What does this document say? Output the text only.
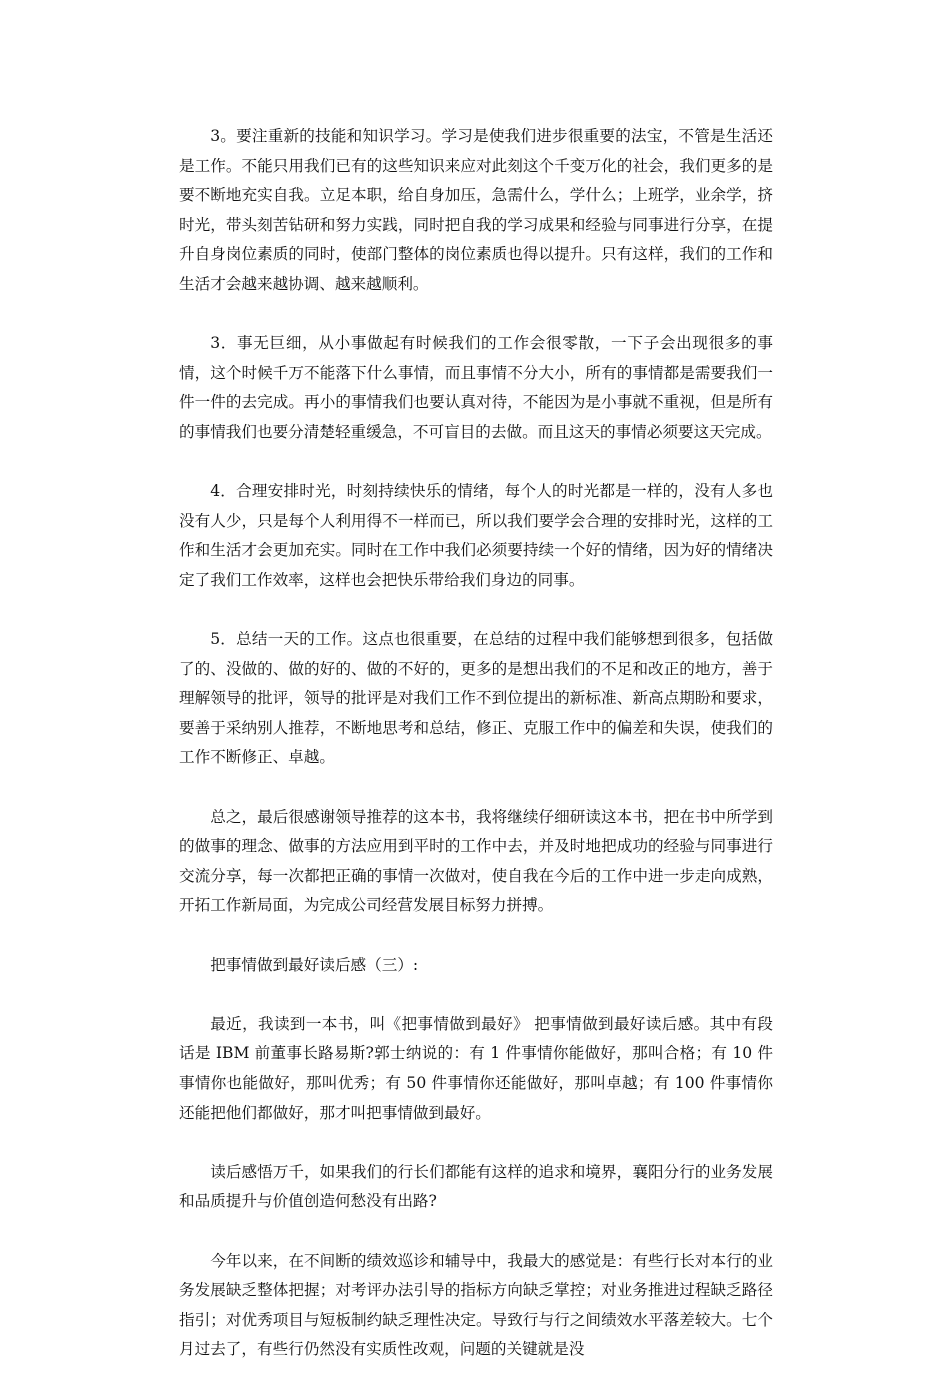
3。要注重新的技能和知识学习。学习是使我们进步很重要的法宝，不管是生活还是工作。不能只用我们已有的这些知识来应对此刻这个千变万化的社会，我们更多的是要不断地充实自我。立足本职，给自身加压，急需什么，学什么；上班学，业余学，挤时光，带头刻苦钻研和努力实践，同时把自我的学习成果和经验与同事进行分享，在提升自身岗位素质的同时，使部门整体的岗位素质也得以提升。只有这样，我们的工作和生活才会越来越协调、越来越顺利。

3．事无巨细，从小事做起有时候我们的工作会很零散，一下子会出现很多的事情，这个时候千万不能落下什么事情，而且事情不分大小，所有的事情都是需要我们一件一件的去完成。再小的事情我们也要认真对待，不能因为是小事就不重视，但是所有的事情我们也要分清楚轻重缓急，不可盲目的去做。而且这天的事情必须要这天完成。

4．合理安排时光，时刻持续快乐的情绪，每个人的时光都是一样的，没有人多也没有人少，只是每个人利用得不一样而已，所以我们要学会合理的安排时光，这样的工作和生活才会更加充实。同时在工作中我们必须要持续一个好的情绪，因为好的情绪决定了我们工作效率，这样也会把快乐带给我们身边的同事。

5．总结一天的工作。这点也很重要，在总结的过程中我们能够想到很多，包括做了的、没做的、做的好的、做的不好的，更多的是想出我们的不足和改正的地方，善于理解领导的批评，领导的批评是对我们工作不到位提出的新标准、新高点期盼和要求，要善于采纳别人推荐，不断地思考和总结，修正、克服工作中的偏差和失误，使我们的工作不断修正、卓越。

总之，最后很感谢领导推荐的这本书，我将继续仔细研读这本书，把在书中所学到的做事的理念、做事的方法应用到平时的工作中去，并及时地把成功的经验与同事进行交流分享，每一次都把正确的事情一次做对，使自我在今后的工作中进一步走向成熟，开拓工作新局面，为完成公司经营发展目标努力拼搏。

把事情做到最好读后感（三）:

最近，我读到一本书，叫《把事情做到最好》 把事情做到最好读后感。其中有段话是 IBM 前董事长路易斯?郭士纳说的：有 1 件事情你能做好，那叫合格；有 10 件事情你也能做好，那叫优秀；有 50 件事情你还能做好，那叫卓越；有 100 件事情你还能把他们都做好，那才叫把事情做到最好。

读后感悟万千，如果我们的行长们都能有这样的追求和境界，襄阳分行的业务发展和品质提升与价值创造何愁没有出路?

今年以来，在不间断的绩效巡诊和辅导中，我最大的感觉是：有些行长对本行的业务发展缺乏整体把握；对考评办法引导的指标方向缺乏掌控；对业务推进过程缺乏路径指引；对优秀项目与短板制约缺乏理性决定。导致行与行之间绩效水平落差较大。七个月过去了，有些行仍然没有实质性改观，问题的关键就是没
